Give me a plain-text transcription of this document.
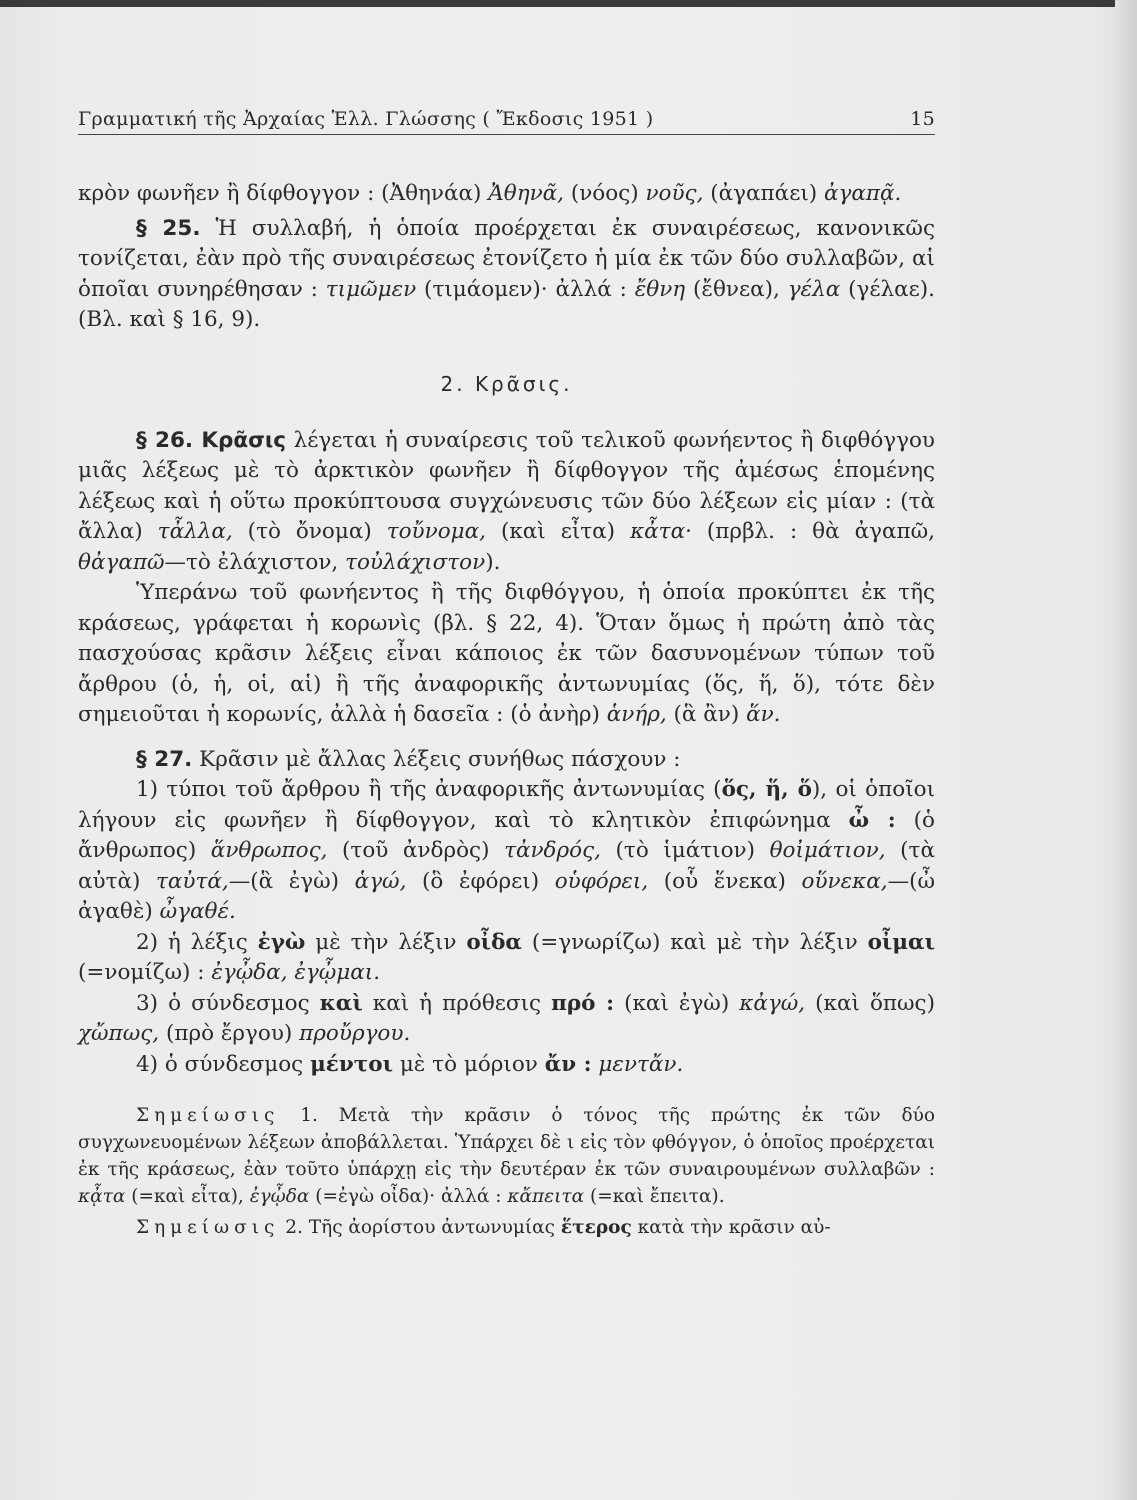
Γραμματική τῆς Ἀρχαίας Ἑλλ. Γλώσσης ( Ἔκδοσις 1951 )	15

κρὸν φωνῆεν ἢ δίφθογγον : (Ἀθηνάα) Ἀθηνᾶ, (νόος) νοῦς, (ἀγαπάει) ἀγαπᾷ.

§ 25. Ἡ συλλαβή, ἡ ὁποία προέρχεται ἐκ συναιρέσεως, κανονικῶς τονίζεται, ἐὰν πρὸ τῆς συναιρέσεως ἐτονίζετο ἡ μία ἐκ τῶν δύο συλλαβῶν, αἱ ὁποῖαι συνηρέθησαν : τιμῶμεν (τιμάομεν)· ἀλλά : ἔθνη (ἔθνεα), γέλα (γέλαε). (Βλ. καὶ § 16, 9).

2. Κρᾶσις.

§ 26. Κρᾶσις λέγεται ἡ συναίρεσις τοῦ τελικοῦ φωνήεντος ἢ διφθόγγου μιᾶς λέξεως μὲ τὸ ἀρκτικὸν φωνῆεν ἢ δίφθογγον τῆς ἀμέσως ἑπομένης λέξεως καὶ ἡ οὕτω προκύπτουσα συγχώνευσις τῶν δύο λέξεων εἰς μίαν : (τὰ ἄλλα) τἆλλα, (τὸ ὄνομα) τοὔνομα, (καὶ εἶτα) κἆτα· (πρβλ. : θὰ ἀγαπῶ, θἀγαπῶ—τὸ ἐλάχιστον, τοὐλάχιστον).

Ὑπεράνω τοῦ φωνήεντος ἢ τῆς διφθόγγου, ἡ ὁποία προκύπτει ἐκ τῆς κράσεως, γράφεται ἡ κορωνὶς (βλ. § 22, 4). Ὅταν ὅμως ἡ πρώτη ἀπὸ τὰς πασχούσας κρᾶσιν λέξεις εἶναι κάποιος ἐκ τῶν δασυνομένων τύπων τοῦ ἄρθρου (ὁ, ἡ, οἱ, αἱ) ἢ τῆς ἀναφορικῆς ἀντωνυμίας (ὅς, ἥ, ὅ), τότε δὲν σημειοῦται ἡ κορωνίς, ἀλλὰ ἡ δασεῖα : (ὁ ἀνὴρ) ἁνήρ, (ἃ ἂν) ἅν.

§ 27. Κρᾶσιν μὲ ἄλλας λέξεις συνήθως πάσχουν :

1) τύποι τοῦ ἄρθρου ἢ τῆς ἀναφορικῆς ἀντωνυμίας (ὅς, ἥ, ὅ), οἱ ὁποῖοι λήγουν εἰς φωνῆεν ἢ δίφθογγον, καὶ τὸ κλητικὸν ἐπιφώνημα ὦ : (ὁ ἄνθρωπος) ἅνθρωπος, (τοῦ ἀνδρὸς) τἀνδρός, (τὸ ἱμάτιον) θοἰμάτιον, (τὰ αὐτὰ) ταὐτά,—(ἃ ἐγὼ) ἁγώ, (ὃ ἐφόρει) οὑφόρει, (οὗ ἕνεκα) οὕνεκα,—(ὦ ἀγαθὲ) ὦγαθέ.

2) ἡ λέξις ἐγὼ μὲ τὴν λέξιν οἶδα (=γνωρίζω) καὶ μὲ τὴν λέξιν οἶμαι (=νομίζω) : ἐγᾦδα, ἐγᾦμαι.

3) ὁ σύνδεσμος καὶ καὶ ἡ πρόθεσις πρό : (καὶ ἐγὼ) κἀγώ, (καὶ ὅπως) χὤπως, (πρὸ ἔργου) προὔργου.

4) ὁ σύνδεσμος μέντοι μὲ τὸ μόριον ἄν : μεντἄν.

Σημείωσις 1. Μετὰ τὴν κρᾶσιν ὁ τόνος τῆς πρώτης ἐκ τῶν δύο συγχωνευομένων λέξεων ἀποβάλλεται. Ὑπάρχει δὲ ι εἰς τὸν φθόγγον, ὁ ὁποῖος προέρχεται ἐκ τῆς κράσεως, ἐὰν τοῦτο ὑπάρχῃ εἰς τὴν δευτέραν ἐκ τῶν συναιρουμένων συλλαβῶν : κᾆτα (=καὶ εἶτα), ἐγᾦδα (=ἐγὼ οἶδα)· ἀλλά : κἄπειτα (=καὶ ἔπειτα).

Σημείωσις 2. Τῆς ἀορίστου ἀντωνυμίας ἕτερος κατὰ τὴν κρᾶσιν αὐ-
